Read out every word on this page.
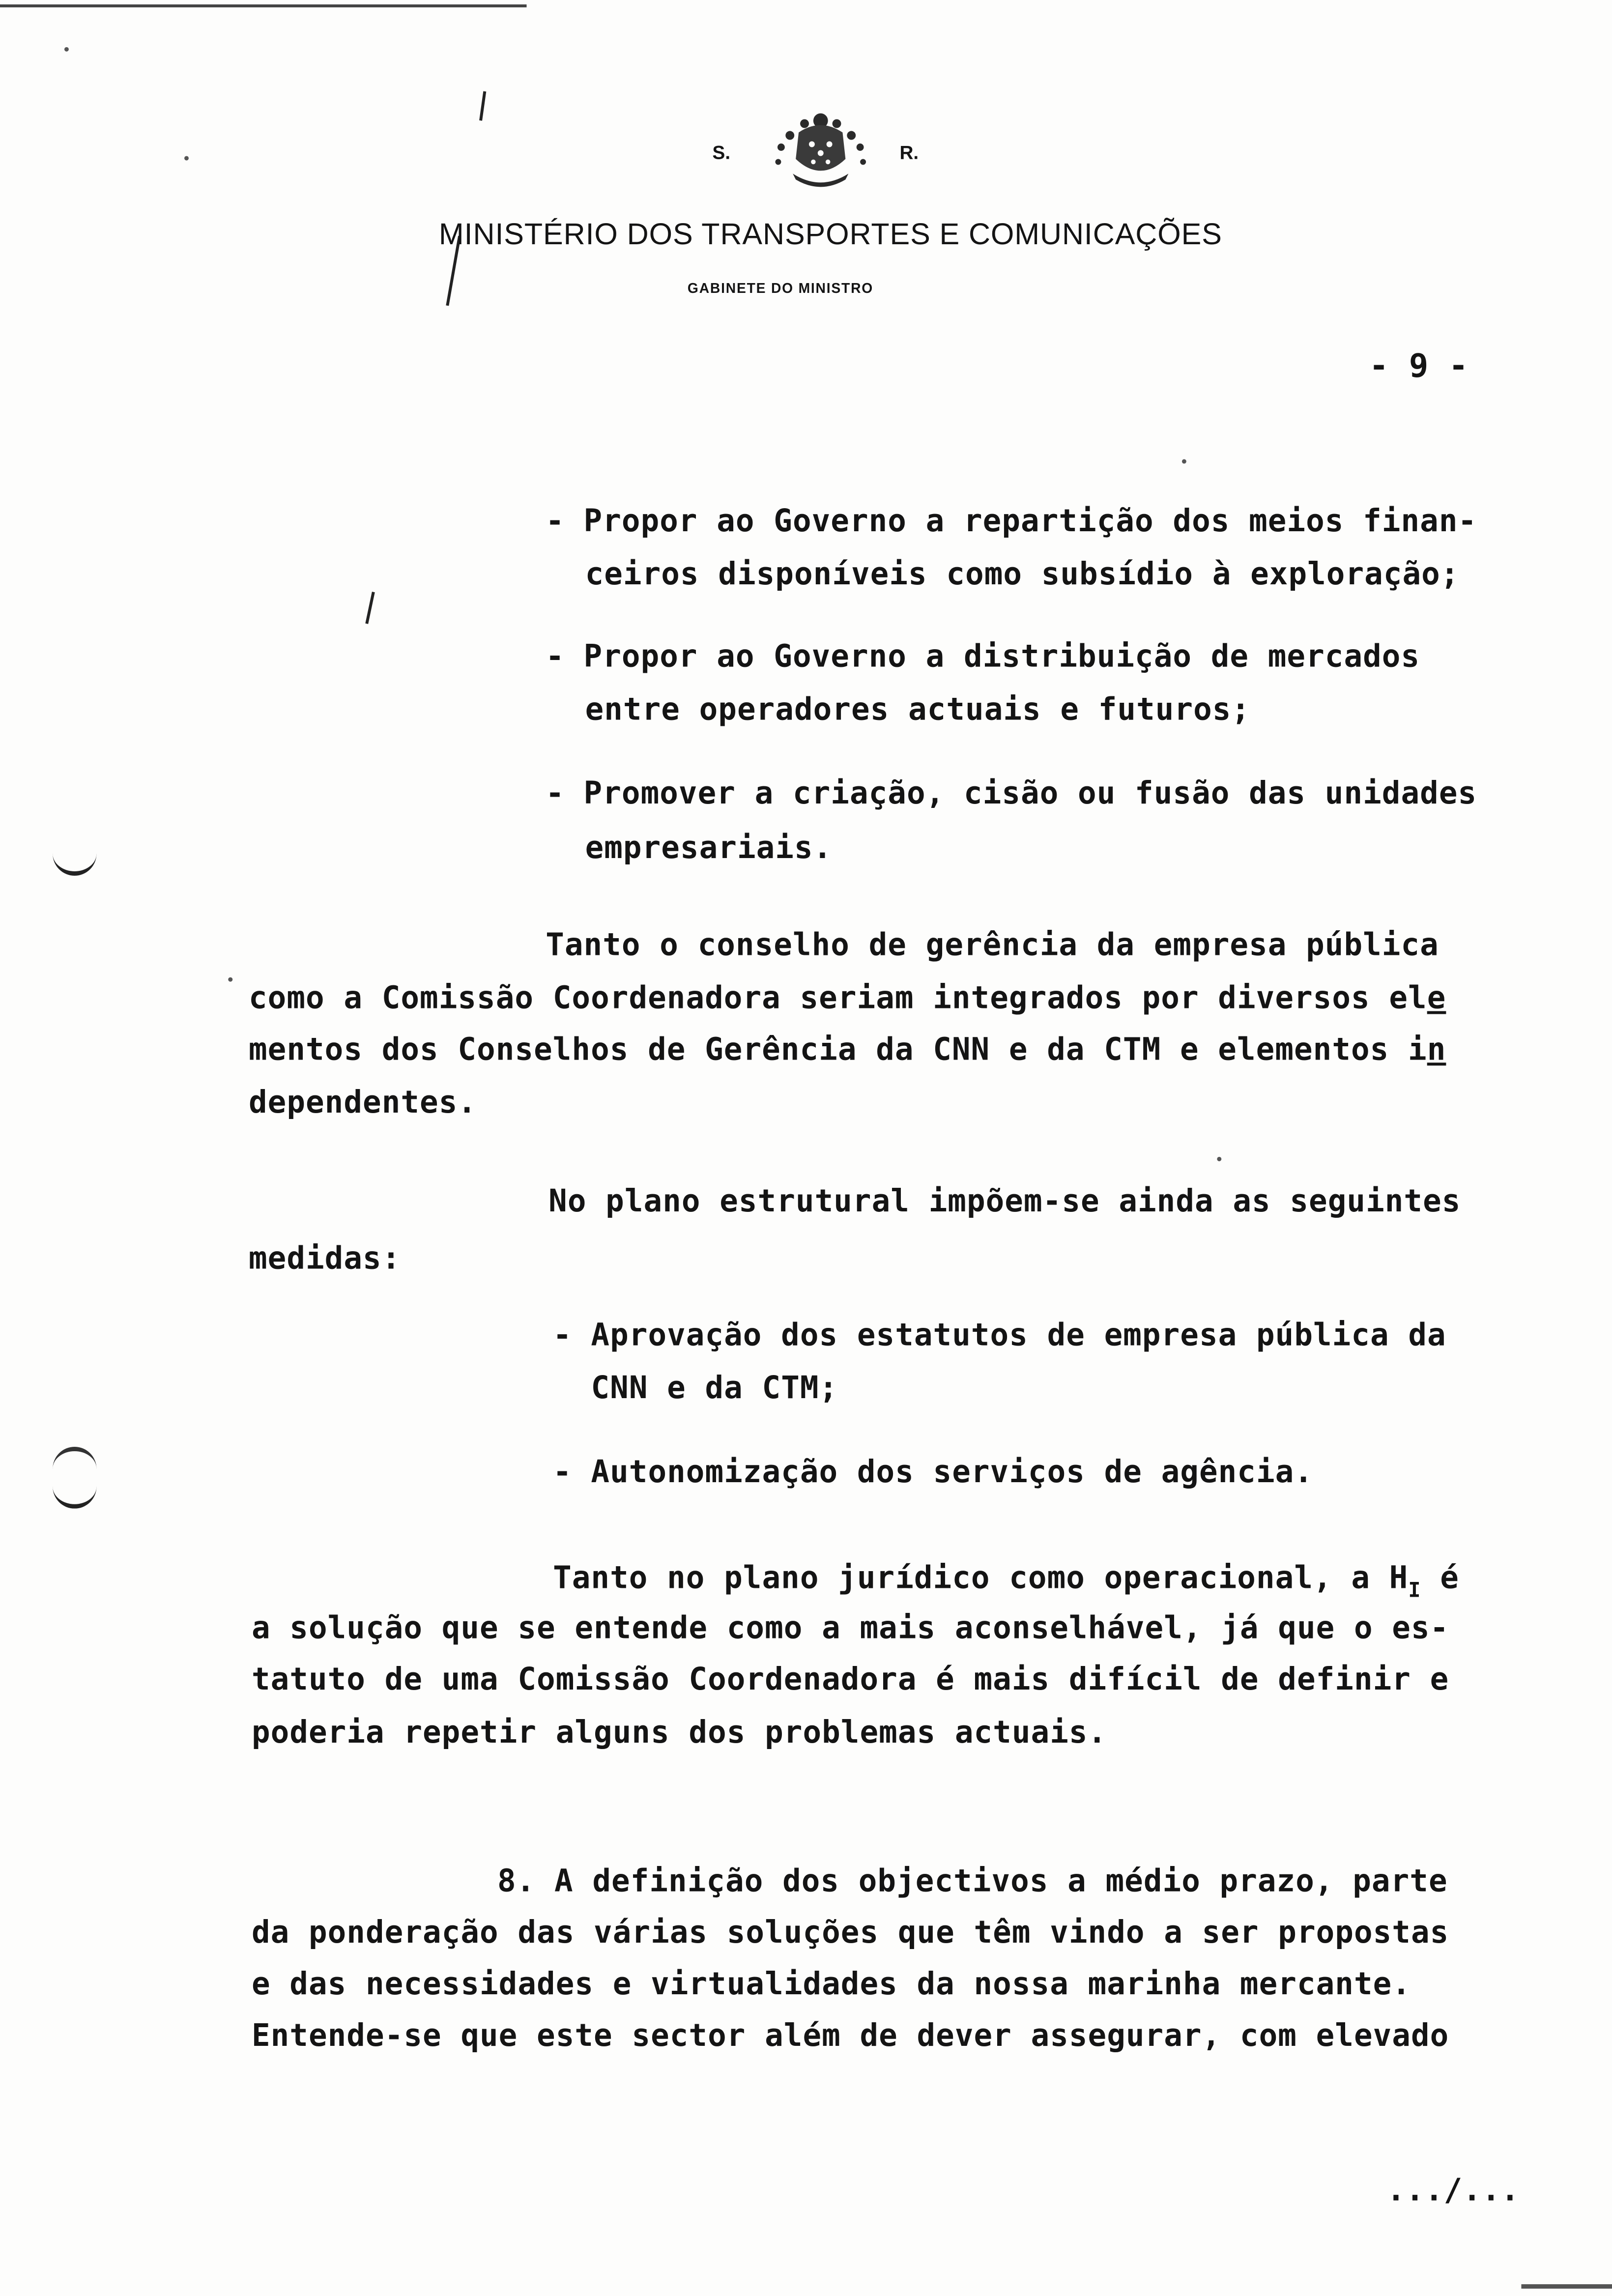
S.	R.
MINISTÉRIO DOS TRANSPORTES E COMUNICAÇÕES
GABINETE DO MINISTRO
- 9 -
- Propor ao Governo a repartição dos meios finan-
ceiros disponíveis como subsídio à exploração;
- Propor ao Governo a distribuição de mercados
entre operadores actuais e futuros;
- Promover a criação, cisão ou fusão das unidades
empresariais.
Tanto o conselho de gerência da empresa pública
como a Comissão Coordenadora seriam integrados por diversos ele
mentos dos Conselhos de Gerência da CNN e da CTM e elementos in
dependentes.
No plano estrutural impõem-se ainda as seguintes
medidas:
- Aprovação dos estatutos de empresa pública da
CNN e da CTM;
- Autonomização dos serviços de agência.
Tanto no plano jurídico como operacional, a $H_I$ é
a solução que se entende como a mais aconselhável, já que o es-
tatuto de uma Comissão Coordenadora é mais difícil de definir e
poderia repetir alguns dos problemas actuais.
8. A definição dos objectivos a médio prazo, parte
da ponderação das várias soluções que têm vindo a ser propostas
e das necessidades e virtualidades da nossa marinha mercante.
Entende-se que este sector além de dever assegurar, com elevado
.../...
